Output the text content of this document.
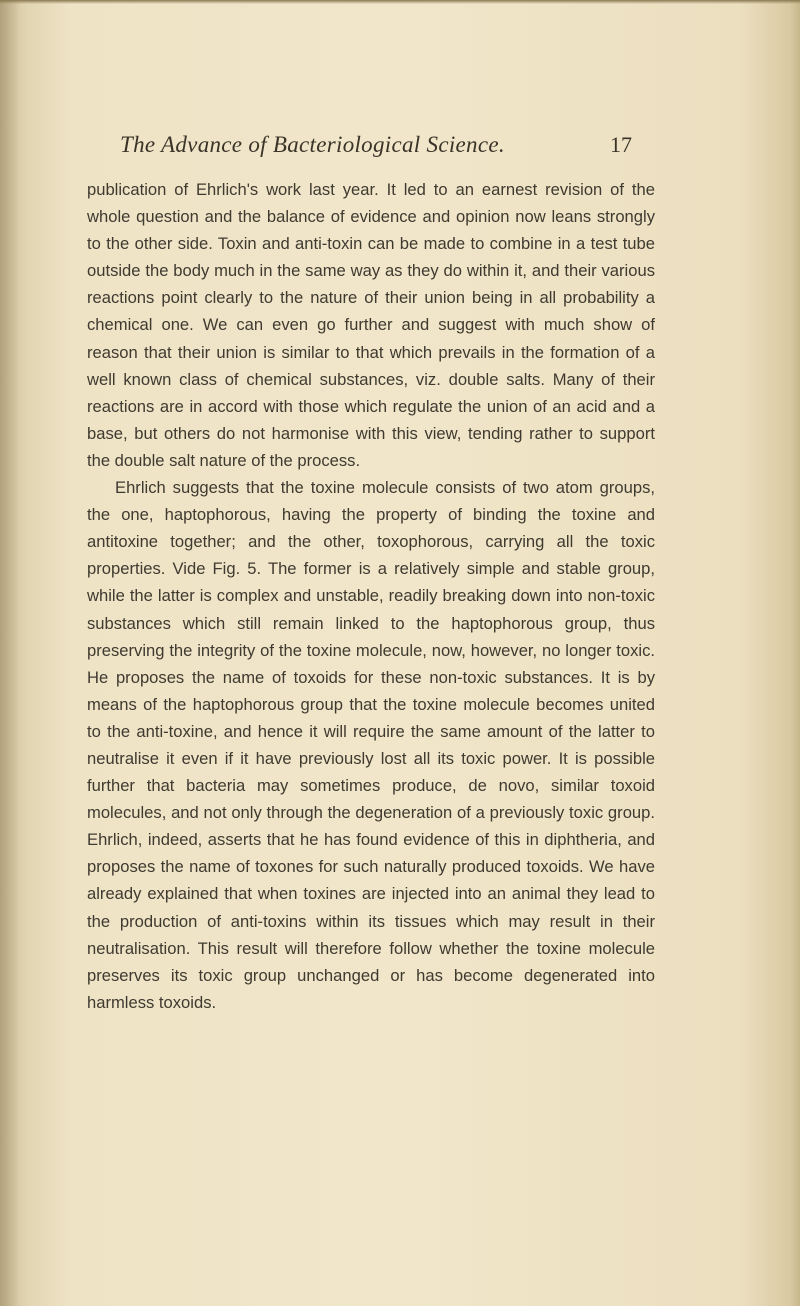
The Advance of Bacteriological Science.	17

publication of Ehrlich's work last year. It led to an earnest revision of the whole question and the balance of evidence and opinion now leans strongly to the other side. Toxin and anti-toxin can be made to combine in a test tube outside the body much in the same way as they do within it, and their various reactions point clearly to the nature of their union being in all probability a chemical one. We can even go further and suggest with much show of reason that their union is similar to that which prevails in the formation of a well known class of chemical substances, viz. double salts. Many of their reactions are in accord with those which regulate the union of an acid and a base, but others do not harmonise with this view, tending rather to support the double salt nature of the process.

Ehrlich suggests that the toxine molecule consists of two atom groups, the one, haptophorous, having the property of binding the toxine and antitoxine together; and the other, toxophorous, carrying all the toxic properties. Vide Fig. 5. The former is a relatively simple and stable group, while the latter is complex and unstable, readily breaking down into non-toxic substances which still remain linked to the haptophorous group, thus preserving the integrity of the toxine molecule, now, however, no longer toxic. He proposes the name of toxoids for these non-toxic substances. It is by means of the haptophorous group that the toxine molecule becomes united to the anti-toxine, and hence it will require the same amount of the latter to neutralise it even if it have previously lost all its toxic power. It is possible further that bacteria may sometimes produce, de novo, similar toxoid molecules, and not only through the degeneration of a previously toxic group. Ehrlich, indeed, asserts that he has found evidence of this in diphtheria, and proposes the name of toxones for such naturally produced toxoids. We have already explained that when toxines are injected into an animal they lead to the production of anti-toxins within its tissues which may result in their neutralisation. This result will therefore follow whether the toxine molecule preserves its toxic group unchanged or has become degenerated into harmless toxoids.
